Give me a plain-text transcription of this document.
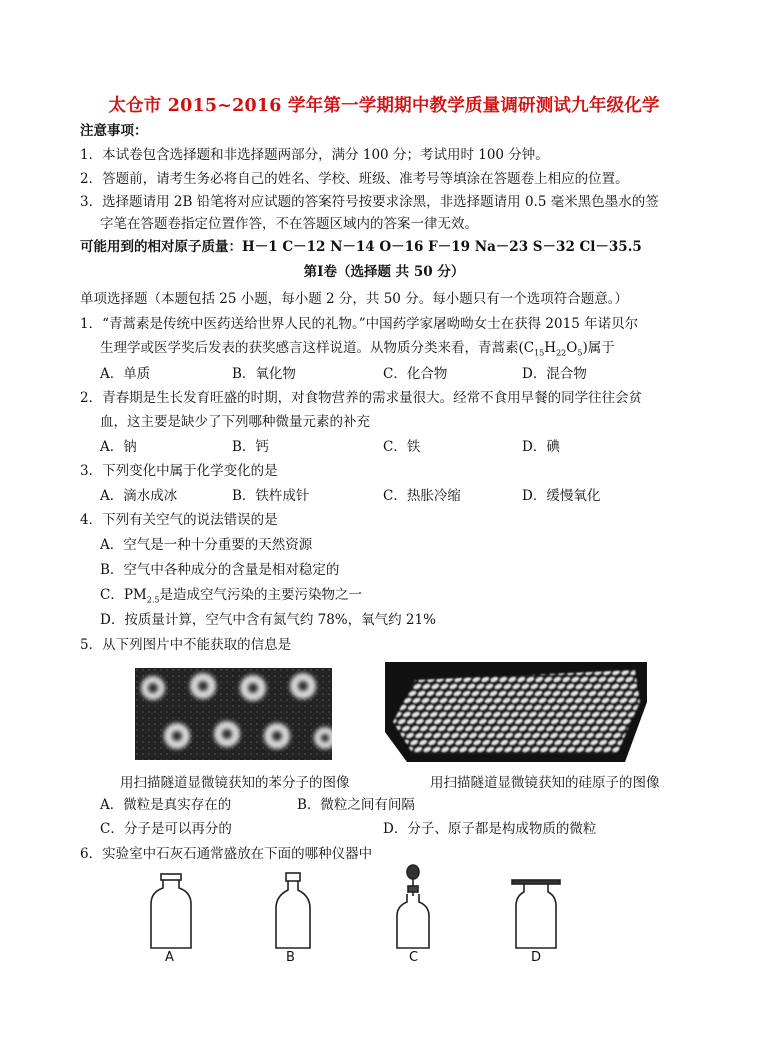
太仓市 2015~2016 学年第一学期期中教学质量调研测试九年级化学
注意事项：
1．本试卷包含选择题和非选择题两部分，满分 100 分；考试用时 100 分钟。
2．答题前，请考生务必将自己的姓名、学校、班级、准考号等填涂在答题卷上相应的位置。
3．选择题请用 2B 铅笔将对应试题的答案符号按要求涂黑，非选择题请用 0.5 毫米黑色墨水的签
字笔在答题卷指定位置作答，不在答题区域内的答案一律无效。
可能用到的相对原子质量：H－1 C－12 N－14 O－16 F－19 Na－23 S－32 Cl－35.5
第Ⅰ卷（选择题 共 50 分）
单项选择题（本题包括 25 小题，每小题 2 分，共 50 分。每小题只有一个选项符合题意。）
1．“青蒿素是传统中医药送给世界人民的礼物。”中国药学家屠呦呦女士在获得 2015 年诺贝尔
生理学或医学奖后发表的获奖感言这样说道。从物质分类来看，青蒿素$(C_{15}H_{22}O_5)$属于
A．单质	B．氧化物	C．化合物	D．混合物
2．青春期是生长发育旺盛的时期，对食物营养的需求量很大。经常不食用早餐的同学往往会贫
血，这主要是缺少了下列哪种微量元素的补充
A．钠	B．钙	C．铁	D．碘
3．下列变化中属于化学变化的是
A．滴水成冰	B．铁杵成针	C．热胀冷缩	D．缓慢氧化
4．下列有关空气的说法错误的是
A．空气是一种十分重要的天然资源
B．空气中各种成分的含量是相对稳定的
C．$PM_{2.5}$是造成空气污染的主要污染物之一
D．按质量计算，空气中含有氮气约 78%，氧气约 21%
5．从下列图片中不能获取的信息是
用扫描隧道显微镜获知的苯分子的图像	用扫描隧道显微镜获知的硅原子的图像
A．微粒是真实存在的	B．微粒之间有间隔
C．分子是可以再分的	D．分子、原子都是构成物质的微粒
6．实验室中石灰石通常盛放在下面的哪种仪器中
A	B	C	D
